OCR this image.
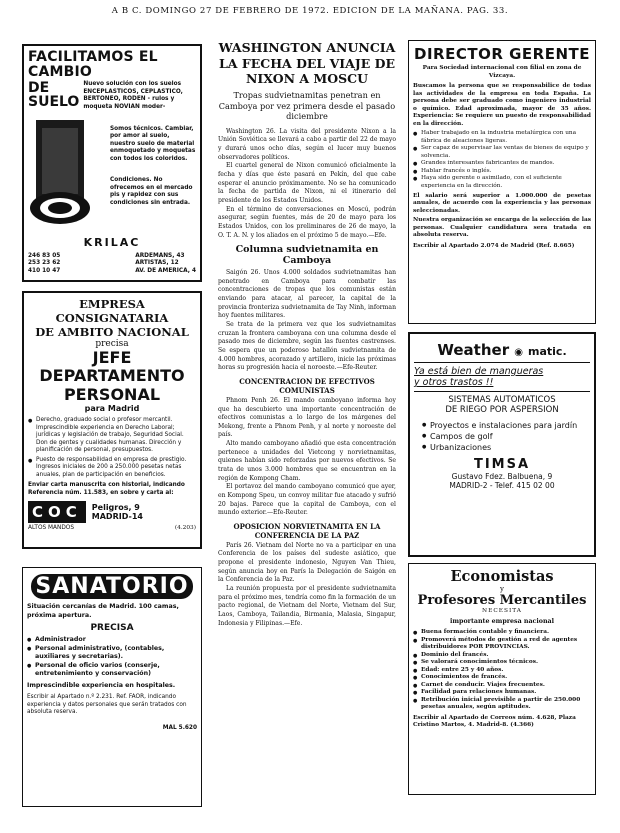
A B C. DOMINGO 27 DE FEBRERO DE 1972. EDICION DE LA MAÑANA. PAG. 33.
FACILITAMOS EL CAMBIO
DE SUELO
Nuevo solución con los suelos ENCEPLASTICOS, CEPLASTICO, BERTONEO, RODEN - rulos y moqueta NOVIAN moder-
Somos técnicos. Cambiar, por amor al suelo, nuestro suelo de material enmoquetado y moquetas con todos los coloridos.
Condiciones. No ofrecemos en el mercado pis y rapidez con sus condiciones sin entrada.
KRILAC
246 83 05
253 23 62
410 10 47
ARDEMANS, 43
ARTISTAS, 12
AV. DE AMERICA, 4
EMPRESA CONSIGNATARIA
DE AMBITO NACIONAL
precisa
JEFE DEPARTAMENTO
PERSONAL
para Madrid
● Derecho, graduado social o profesor mercantil. Imprescindible experiencia en Derecho Laboral; jurídicas y legislación de trabajo, Seguridad Social. Don de gentes y cualidades humanas. Dirección y planificación de personal, presupuestos.
● Puesto de responsabilidad en empresa de prestigio. Ingresos iniciales de 200 a 250.000 pesetas netas anuales, plan de participación en beneficios.
Enviar carta manuscrita con historial, indicando Referencia núm. 11.583, en sobre y carta al:
COC	Peligros, 9
MADRID-14
ALTOS MANDOS	(4.203)
SANATORIO
Situación cercanías de Madrid. 100 camas, próxima apertura.
PRECISA
● Administrador
● Personal administrativo, (contables, auxiliares y secretarias).
● Personal de oficio varios (conserje, entretenimiento y conservación)
Imprescindible experiencia en hospitales.
Escribir al Apartado n.º 2.231. Ref. FAOR, indicando experiencia y datos personales que serán tratados con absoluta reserva.
MAL 5.620
WASHINGTON ANUNCIA LA FECHA DEL VIAJE DE NIXON A MOSCU
Tropas sudvietnamitas penetran en Camboya por vez primera desde el pasado diciembre
Washington 26. La visita del presidente Nixon a la Unión Soviética se llevará a cabo a partir del 22 de mayo y durará unos ocho días, según el lucer muy buenos observadores políticos.
El cuartel general de Nixon comunicó oficialmente la fecha y días que éste pasará en Pekín, del que cabe esperar el anuncio próximamente. No se ha comunicado la fecha de partida de Nixon, ni el itinerario del presidente de los Estados Unidos.
En el término de conversaciones en Moscú, podrán asegurar, según fuentes, más de 20 de mayo para los Estados Unidos, con los preliminares de 26 de mayo, la O. T. A. N. y los aliados en el próximo 5 de mayo.—Efe.
Columna sudvietnamita en Camboya
Saigón 26. Unos 4.000 soldados sudvietnamitas han penetrado en Camboya para combatir las concentraciones de tropas que los comunistas están enviando para atacar, al parecer, la capital de la provincia fronteriza sudvietnamita de Tay Ninh, informan hoy fuentes militares.
Se trata de la primera vez que los sudvietnamitas cruzan la frontera camboyana con una columna desde el pasado mes de diciembre, según las fuentes castrenses. Se espera que un poderoso batallón sudvietnamita de 4.000 hombres, acorazado y artillero, inicie las próximas horas su progresión hacia el noroeste.—Efe-Reuter.
CONCENTRACION DE EFECTIVOS COMUNISTAS
Phnom Penh 26. El mando camboyano informa hoy que ha descubierto una importante concentración de efectivos comunistas a lo largo de los márgenes del Mekong, frente a Phnom Penh, y al norte y noroeste del país.
Alto mando camboyano añadió que esta concentración pertenece a unidades del Vietcong y norvietnamitas, quienes habían sido reforzadas por nuevos efectivos. Se trata de unos 3.000 hombres que se encuentran en la región de Kompong Cham.
El portavoz del mando camboyano comunicó que ayer, en Kompong Speu, un convoy militar fue atacado y sufrió 20 bajas. Parece que la capital de Camboya, con el mundo exterior.—Efe-Reuter.
OPOSICION NORVIETNAMITA EN LA CONFERENCIA DE LA PAZ
París 26. Vietnam del Norte no va a participar en una Conferencia de los países del sudeste asiático, que propone el presidente indonesio, Nguyen Van Thieu, según anuncia hoy en París la Delegación de Saigón en la Conferencia de la Paz.
La reunión propuesta por el presidente sudvietnamita para el próximo mes, tendría como fin la formación de un pacto regional, de Vietnam del Norte, Vietnam del Sur, Laos, Camboya, Tailandia, Birmania, Malasia, Singapur, Indonesia y Filipinas.—Efe.
DIRECTOR GERENTE
Para Sociedad internacional con filial en zona de Vizcaya.
Buscamos la persona que se responsabilice de todas las actividades de la empresa en toda España. La persona debe ser graduado como ingeniero industrial o químico. Edad aproximada, mayor de 35 años. Experiencia: Se requiere un puesto de responsabilidad en la dirección.
● Haber trabajado en la industria metalúrgica con una fábrica de aleaciones ligeras.
● Ser capaz de supervisar las ventas de bienes de equipo y solvencia.
● Grandes interesantes fabricantes de mandos.
● Hablar francés o inglés.
● Haya sido gerente o asimilado, con el suficiente experiencia en la dirección.
El salario será superior a 1.000.000 de pesetas anuales, de acuerdo con la experiencia y las personas seleccionadas.
Nuestra organización se encarga de la selección de las personas. Cualquier candidatura sera tratada en absoluta reserva.
Escribir al Apartado 2.074 de Madrid (Ref. 8.665)
Weather ◉ matic.
Ya está bien de mangueras
y otros trastos !!
SISTEMAS AUTOMATICOS
DE RIEGO POR ASPERSION
● Proyectos e instalaciones para jardín
● Campos de golf
● Urbanizaciones
TIMSA
Gustavo Fdez. Balbuena, 9
MADRID-2 - Telef. 415 02 00
Economistas
y
Profesores Mercantiles
NECESITA
importante empresa nacional
● Buena formación contable y financiera.
● Promoverá métodos de gestión a red de agentes distribuidores POR PROVINCIAS.
● Dominio del francés.
● Se valorará conocimientos técnicos.
● Edad: entre 25 y 40 años.
● Conocimientos de francés.
● Carnet de conducir. Viajes frecuentes.
● Facilidad para relaciones humanas.
● Retribución inicial previsible a partir de 250.000 pesetas anuales, según aptitudes.
Escribir al Apartado de Correos núm. 4.628, Plaza Cristino Martos, 4. Madrid-8. (4.366)
